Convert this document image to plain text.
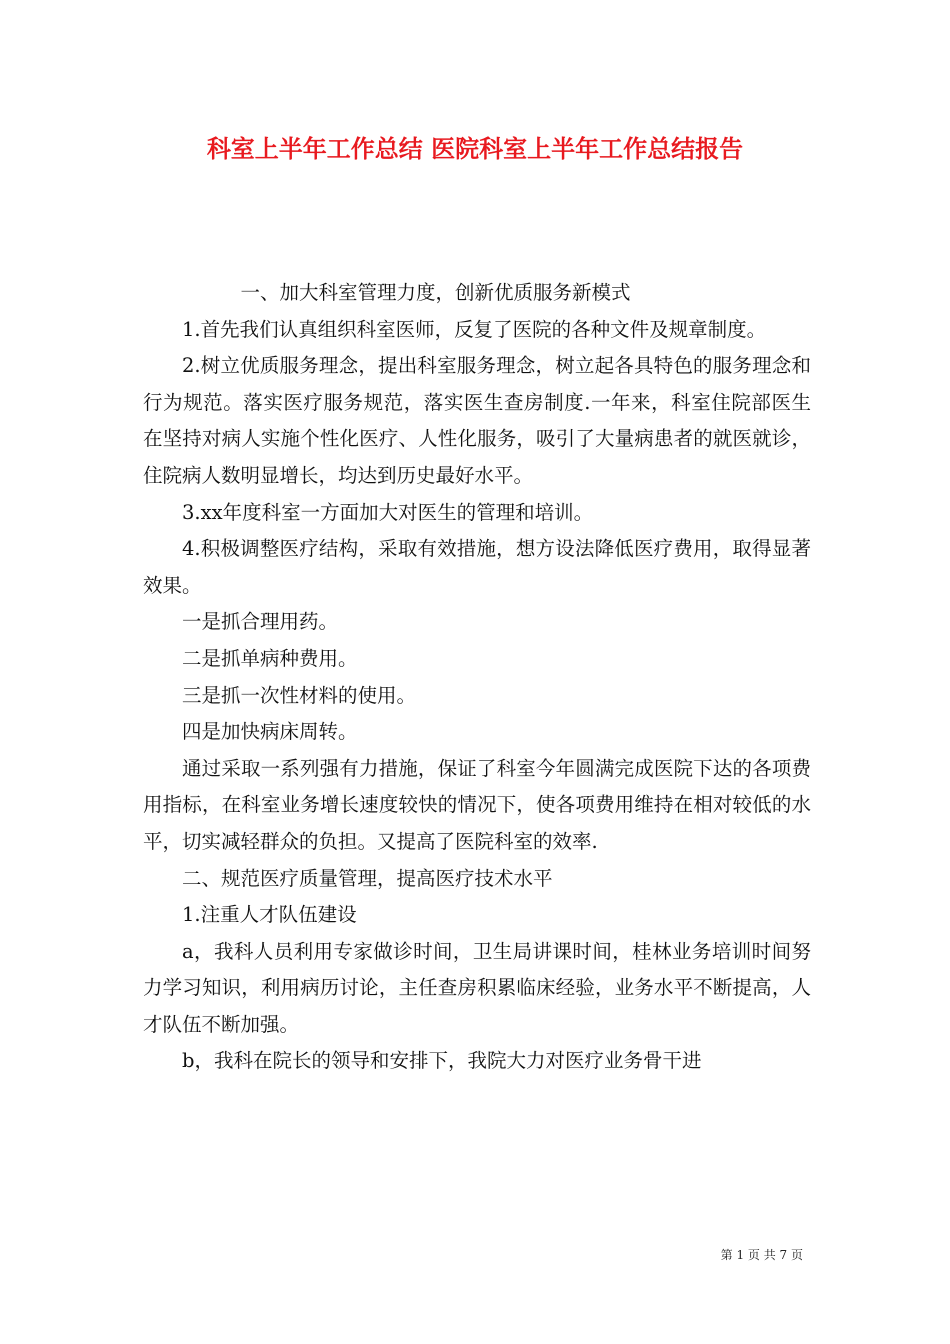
科室上半年工作总结 医院科室上半年工作总结报告

一、加大科室管理力度，创新优质服务新模式

1.首先我们认真组织科室医师，反复了医院的各种文件及规章制度。

2.树立优质服务理念，提出科室服务理念，树立起各具特色的服务理念和行为规范。落实医疗服务规范，落实医生查房制度.一年来，科室住院部医生在坚持对病人实施个性化医疗、人性化服务，吸引了大量病患者的就医就诊，住院病人数明显增长，均达到历史最好水平。

3.xx年度科室一方面加大对医生的管理和培训。

4.积极调整医疗结构，采取有效措施，想方设法降低医疗费用，取得显著效果。

一是抓合理用药。

二是抓单病种费用。

三是抓一次性材料的使用。

四是加快病床周转。

通过采取一系列强有力措施，保证了科室今年圆满完成医院下达的各项费用指标，在科室业务增长速度较快的情况下，使各项费用维持在相对较低的水平，切实减轻群众的负担。又提高了医院科室的效率.

二、规范医疗质量管理，提高医疗技术水平

1.注重人才队伍建设

a，我科人员利用专家做诊时间，卫生局讲课时间，桂林业务培训时间努力学习知识，利用病历讨论，主任查房积累临床经验，业务水平不断提高，人才队伍不断加强。

b，我科在院长的领导和安排下，我院大力对医疗业务骨干进

第 1 页 共 7 页
